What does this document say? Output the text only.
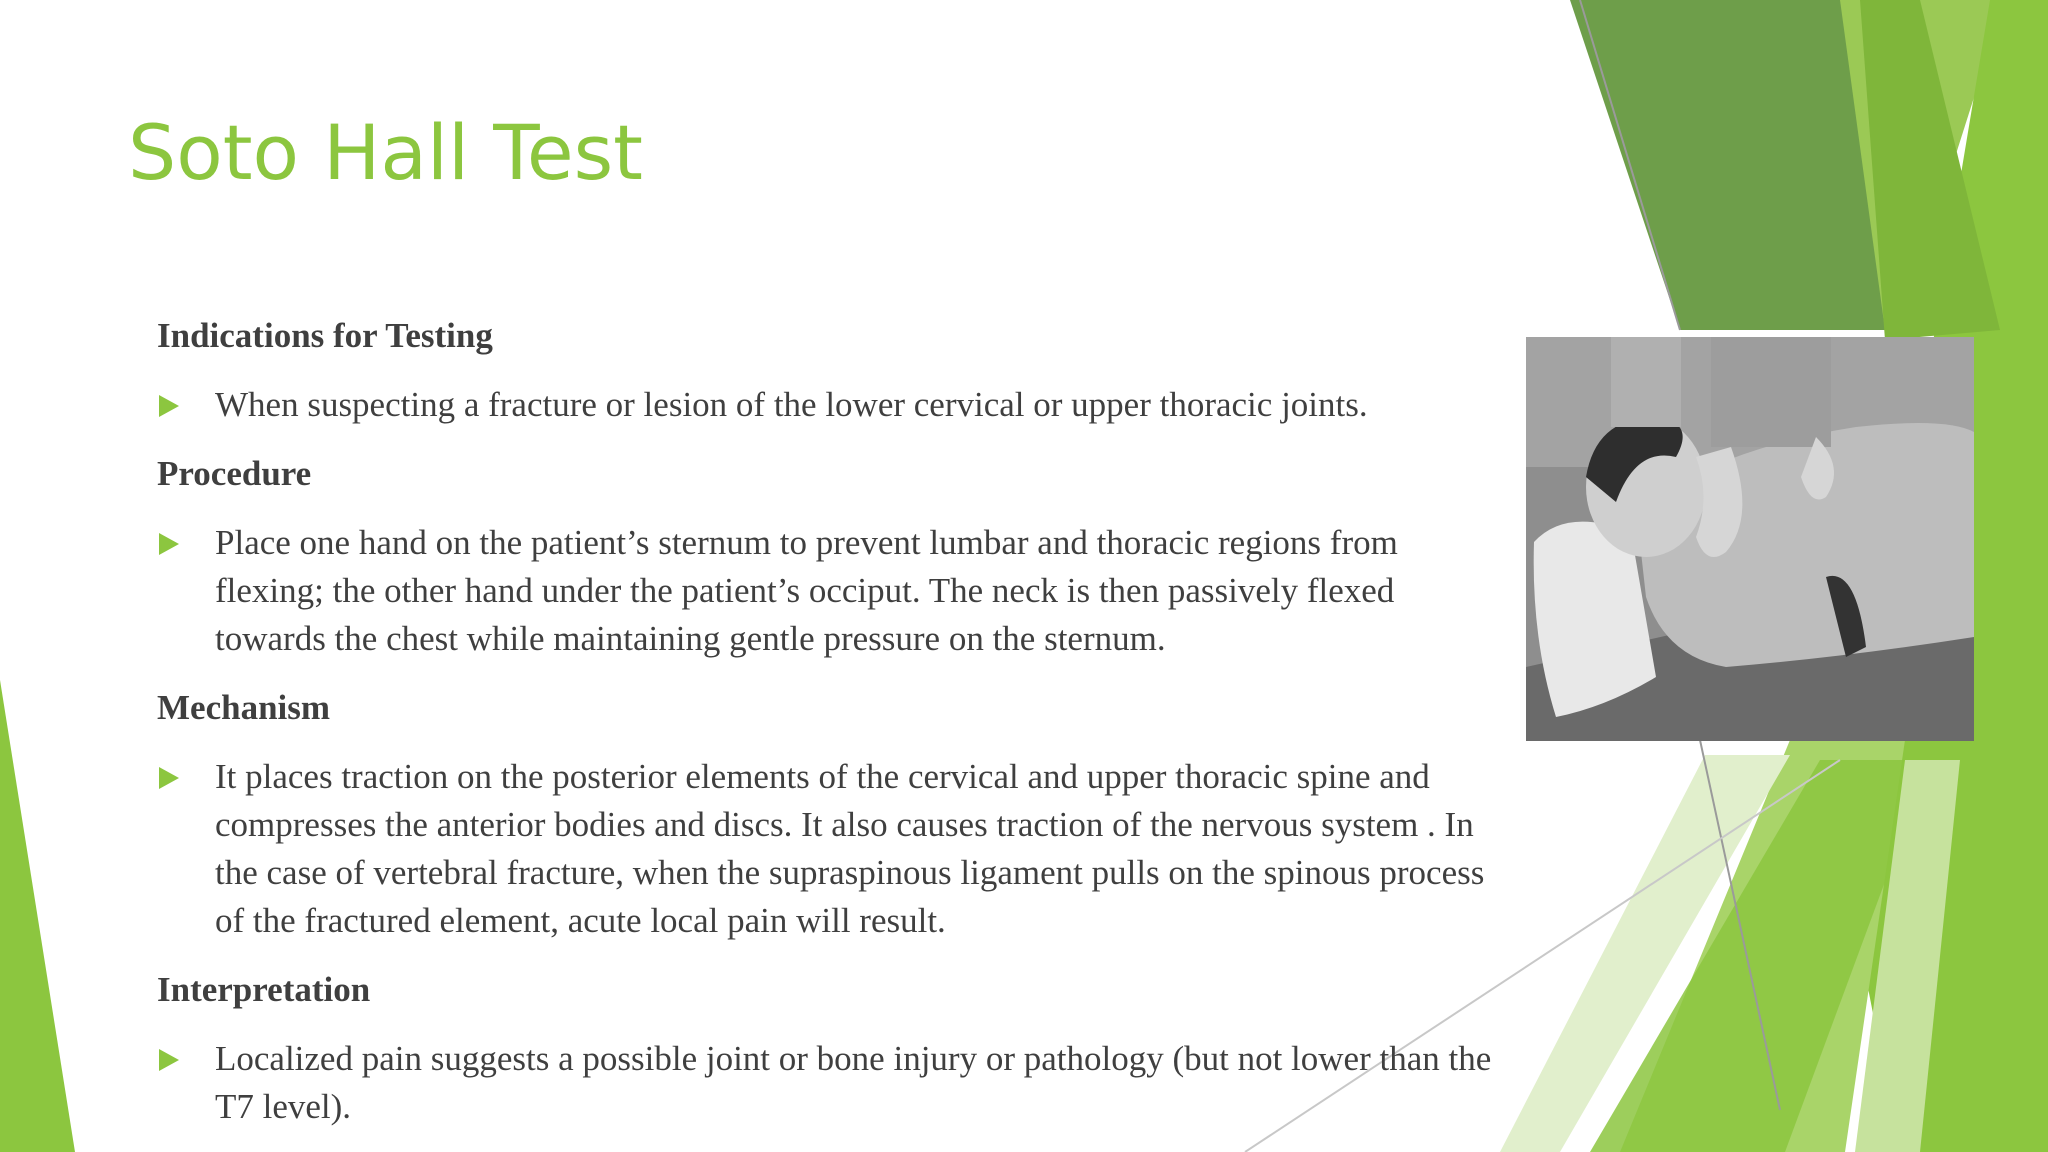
Soto Hall Test
Indications for Testing
When suspecting a fracture or lesion of the lower cervical or upper thoracic joints.
Procedure
Place one hand on the patient’s sternum to prevent lumbar and thoracic regions from flexing; the other hand under the patient’s occiput. The neck is then passively flexed towards the chest while maintaining gentle pressure on the sternum.
Mechanism
It places traction on the posterior elements of the cervical and upper thoracic spine and compresses the anterior bodies and discs. It also causes traction of the nervous system . In the case of vertebral fracture, when the supraspinous ligament pulls on the spinous process of the fractured element, acute local pain will result.
Interpretation
Localized pain suggests a possible joint or bone injury or pathology (but not lower than the T7 level).
